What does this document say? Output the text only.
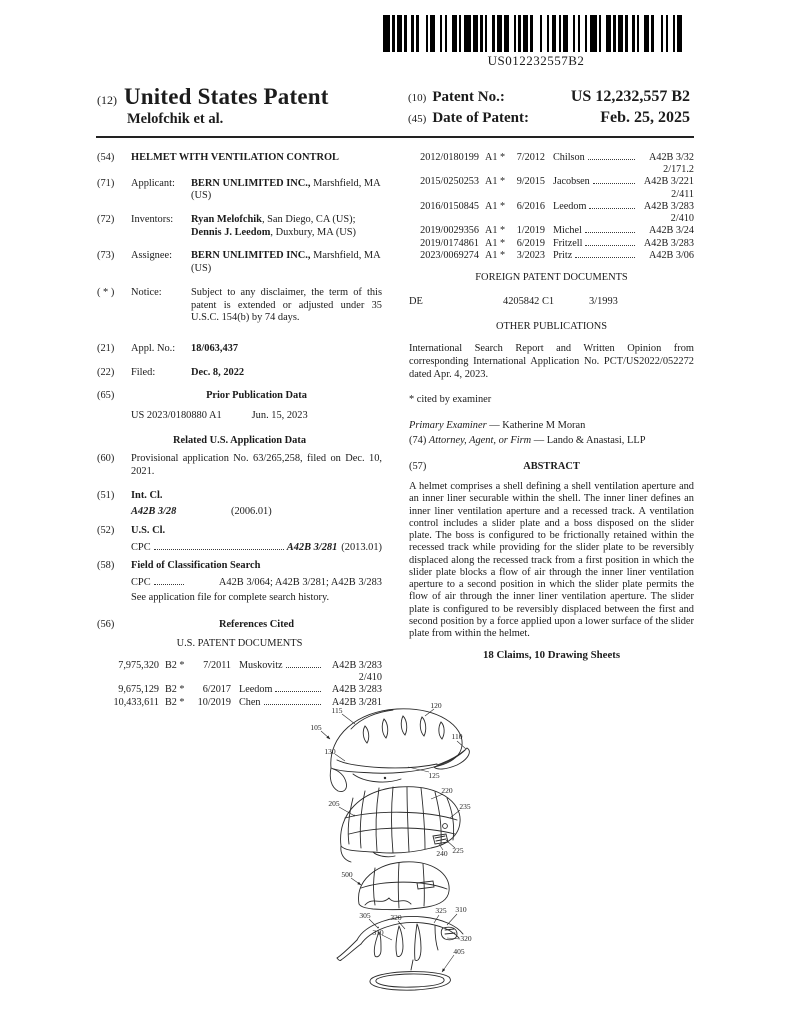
US012232557B2
(12) United States Patent
Melofchik et al.
(10) Patent No.:	US 12,232,557 B2
(45) Date of Patent:	Feb. 25, 2025
(54)	HELMET WITH VENTILATION CONTROL
(71)	Applicant:	BERN UNLIMITED INC., Marshfield, MA (US)
(72)	Inventors:	Ryan Melofchik, San Diego, CA (US); Dennis J. Leedom, Duxbury, MA (US)
(73)	Assignee:	BERN UNLIMITED INC., Marshfield, MA (US)
( * )	Notice:	Subject to any disclaimer, the term of this patent is extended or adjusted under 35 U.S.C. 154(b) by 74 days.
(21)	Appl. No.:	18/063,437
(22)	Filed:	Dec. 8, 2022
(65)	Prior Publication Data
US 2023/0180880 A1	Jun. 15, 2023
Related U.S. Application Data
(60)	Provisional application No. 63/265,258, filed on Dec. 10, 2021.
(51)	Int. Cl.
A42B 3/28	(2006.01)
(52)	U.S. Cl.
CPC	A42B 3/281 (2013.01)
(58)	Field of Classification Search
CPC	A42B 3/064; A42B 3/281; A42B 3/283
See application file for complete search history.
(56)	References Cited
U.S. PATENT DOCUMENTS
7,975,320 B2 *	7/2011 Muskovitz	A42B 3/283
2/410
9,675,129 B2 *	6/2017 Leedom	A42B 3/283
10,433,611 B2 *	10/2019 Chen	A42B 3/281
2012/0180199 A1 *	7/2012 Chilson	A42B 3/32
2/171.2
2015/0250253 A1 *	9/2015 Jacobsen	A42B 3/221
2/411
2016/0150845 A1 *	6/2016 Leedom	A42B 3/283
2/410
2019/0029356 A1 *	1/2019 Michel	A42B 3/24
2019/0174861 A1 *	6/2019 Fritzell	A42B 3/283
2023/0069274 A1 *	3/2023 Pritz	A42B 3/06
FOREIGN PATENT DOCUMENTS
DE	4205842 C1	3/1993
OTHER PUBLICATIONS
International Search Report and Written Opinion from corresponding International Application No. PCT/US2022/052272 dated Apr. 4, 2023.
* cited by examiner
Primary Examiner — Katherine M Moran
(74) Attorney, Agent, or Firm — Lando & Anastasi, LLP
(57)	ABSTRACT
A helmet comprises a shell defining a shell ventilation aperture and an inner liner securable within the shell. The inner liner defines an inner liner ventilation aperture and a recessed track. A ventilation control includes a slider plate and a boss disposed on the slider plate. The boss is configured to be frictionally retained within the recessed track while providing for the slider plate to be reversibly displaced along the recessed track from a first position in which the slider plate blocks a flow of air through the inner liner ventilation aperture to a second position in which the slider plate permits the flow of air through the inner liner ventilation aperture. The slider plate is configured to be reversibly displaced between the first and second position by a force applied upon a lower surface of the slider plate from within the helmet.
18 Claims, 10 Drawing Sheets
115
120
105
110
130
125
220
205	235
240 225
500
305	320
325 310
310
320
405
